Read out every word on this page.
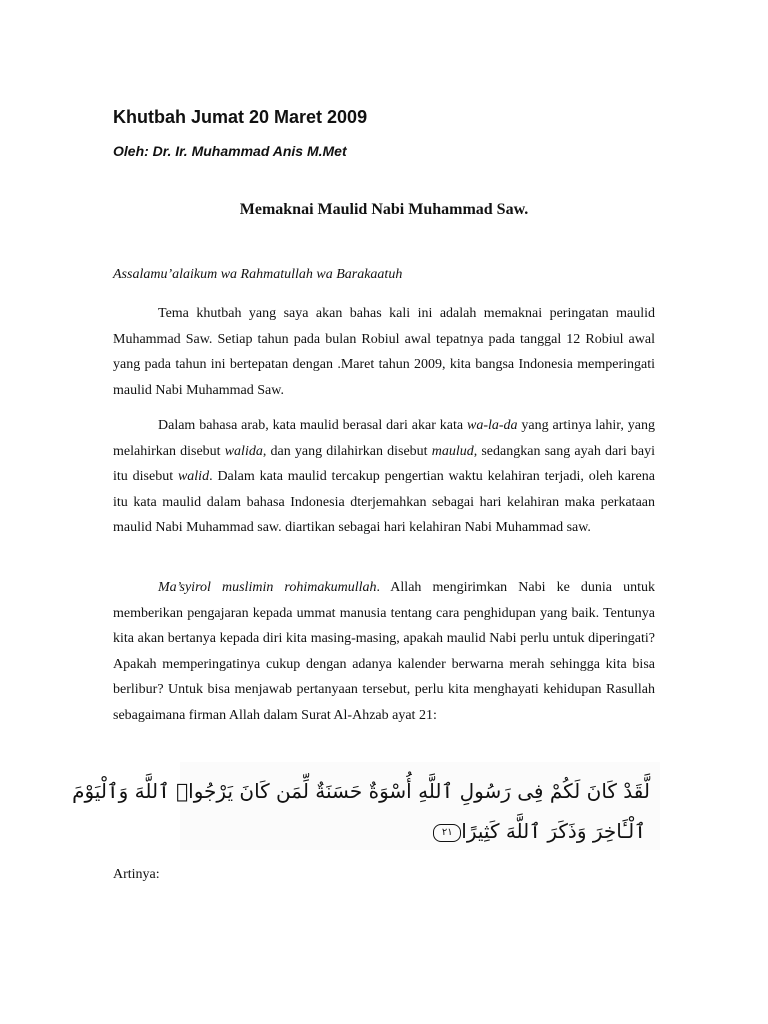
Khutbah Jumat 20 Maret 2009

Oleh: Dr. Ir. Muhammad Anis M.Met

Memaknai Maulid Nabi Muhammad Saw.

Assalamu’alaikum wa Rahmatullah wa Barakaatuh

Tema khutbah yang saya akan bahas kali ini adalah memaknai peringatan maulid Muhammad Saw. Setiap tahun pada bulan Robiul awal tepatnya pada tanggal 12 Robiul awal yang pada tahun ini bertepatan dengan .Maret tahun 2009, kita bangsa Indonesia memperingati maulid Nabi Muhammad Saw.

Dalam bahasa arab, kata maulid berasal dari akar kata wa-la-da yang artinya lahir, yang melahirkan disebut walida, dan yang dilahirkan disebut maulud, sedangkan sang ayah dari bayi itu disebut walid. Dalam kata maulid tercakup pengertian waktu kelahiran terjadi, oleh karena itu kata maulid dalam bahasa Indonesia dterjemahkan sebagai hari kelahiran maka perkataan maulid Nabi Muhammad saw. diartikan sebagai hari kelahiran Nabi Muhammad saw.

Ma’syirol muslimin rohimakumullah. Allah mengirimkan Nabi ke dunia untuk memberikan pengajaran kepada ummat manusia tentang cara penghidupan yang baik. Tentunya kita akan bertanya kepada diri kita masing-masing, apakah maulid Nabi perlu untuk diperingati? Apakah memperingatinya cukup dengan adanya kalender berwarna merah sehingga kita bisa berlibur? Untuk bisa menjawab pertanyaan tersebut, perlu kita menghayati kehidupan Rasullah sebagaimana firman Allah dalam Surat Al-Ahzab ayat 21:

لَّقَدْ كَانَ لَكُمْ فِى رَسُولِ ٱللَّهِ أُسْوَةٌ حَسَنَةٌ لِّمَن كَانَ يَرْجُوا۟ ٱللَّهَ وَٱلْيَوْمَ

ٱلْـَٔاخِرَ وَذَكَرَ ٱللَّهَ كَثِيرًا٢١

Artinya:
